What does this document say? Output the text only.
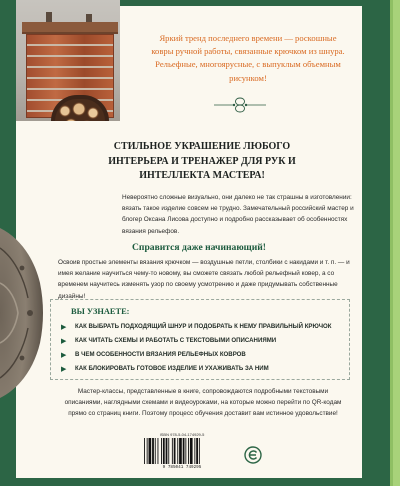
Яркий тренд последнего времени — роскошные ковры ручной работы, связанные крючком из шнура. Рельефные, многоярусные, с выпуклым объемным рисунком!

СТИЛЬНОЕ УКРАШЕНИЕ ЛЮБОГО ИНТЕРЬЕРА И ТРЕНАЖЕР ДЛЯ РУК И ИНТЕЛЛЕКТА МАСТЕРА!

Невероятно сложные визуально, они далеко не так страшны в изготовлении: вязать такое изделие совсем не трудно. Замечательный российский мастер и блогер Оксана Лисова доступно и подробно рассказывает об особенностях вязания рельефов.

Справится даже начинающий!

Освоив простые элементы вязания крючком — воздушные петли, столбики с накидами и т. п. — и имея желание научиться чему-то новому, вы сможете связать любой рельефный ковер, а со временем научитесь изменять узор по своему усмотрению и даже придумывать собственные дизайны!

ВЫ УЗНАЕТЕ:

▶ КАК ВЫБРАТЬ ПОДХОДЯЩИЙ ШНУР И ПОДОБРАТЬ К НЕМУ ПРАВИЛЬНЫЙ КРЮЧОК
▶ КАК ЧИТАТЬ СХЕМЫ И РАБОТАТЬ С ТЕКСТОВЫМИ ОПИСАНИЯМИ
▶ В ЧЕМ ОСОБЕННОСТИ ВЯЗАНИЯ РЕЛЬЕФНЫХ КОВРОВ
▶ КАК БЛОКИРОВАТЬ ГОТОВОЕ ИЗДЕЛИЕ И УХАЖИВАТЬ ЗА НИМ

Мастер-классы, представленные в книге, сопровождаются подробными текстовыми описаниями, наглядными схемами и видеоуроками, на которые можно перейти по QR-кодам прямо со страниц книги. Поэтому процесс обучения доставит вам истинное удовольствие!

ISBN 978-5-04-174929-5

9 785041 749295
